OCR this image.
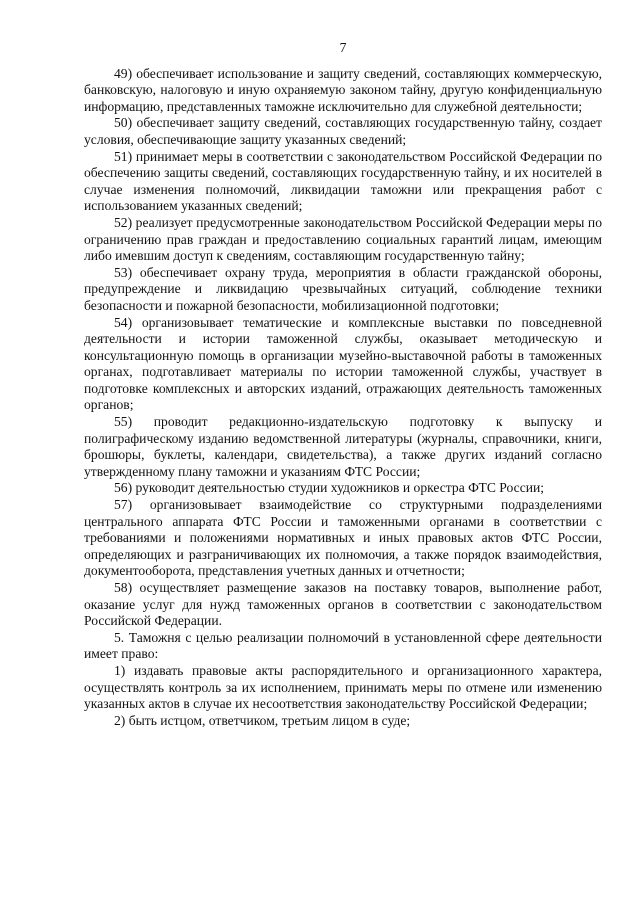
7

49) обеспечивает использование и защиту сведений, составляющих коммерческую, банковскую, налоговую и иную охраняемую законом тайну, другую конфиденциальную информацию, представленных таможне исключительно для служебной деятельности;

50) обеспечивает защиту сведений, составляющих государственную тайну, создает условия, обеспечивающие защиту указанных сведений;

51) принимает меры в соответствии с законодательством Российской Федерации по обеспечению защиты сведений, составляющих государственную тайну, и их носителей в случае изменения полномочий, ликвидации таможни или прекращения работ с использованием указанных сведений;

52) реализует предусмотренные законодательством Российской Федерации меры по ограничению прав граждан и предоставлению социальных гарантий лицам, имеющим либо имевшим доступ к сведениям, составляющим государственную тайну;

53) обеспечивает охрану труда, мероприятия в области гражданской обороны, предупреждение и ликвидацию чрезвычайных ситуаций, соблюдение техники безопасности и пожарной безопасности, мобилизационной подготовки;

54) организовывает тематические и комплексные выставки по повседневной деятельности и истории таможенной службы, оказывает методическую и консультационную помощь в организации музейно-выставочной работы в таможенных органах, подготавливает материалы по истории таможенной службы, участвует в подготовке комплексных и авторских изданий, отражающих деятельность таможенных органов;

55) проводит редакционно-издательскую подготовку к выпуску и полиграфическому изданию ведомственной литературы (журналы, справочники, книги, брошюры, буклеты, календари, свидетельства), а также других изданий согласно утвержденному плану таможни и указаниям ФТС России;

56) руководит деятельностью студии художников и оркестра ФТС России;

57) организовывает взаимодействие со структурными подразделениями центрального аппарата ФТС России и таможенными органами в соответствии с требованиями и положениями нормативных и иных правовых актов ФТС России, определяющих и разграничивающих их полномочия, а также порядок взаимодействия, документооборота, представления учетных данных и отчетности;

58) осуществляет размещение заказов на поставку товаров, выполнение работ, оказание услуг для нужд таможенных органов в соответствии с законодательством Российской Федерации.

5. Таможня с целью реализации полномочий в установленной сфере деятельности имеет право:

1) издавать правовые акты распорядительного и организационного характера, осуществлять контроль за их исполнением, принимать меры по отмене или изменению указанных актов в случае их несоответствия законодательству Российской Федерации;

2) быть истцом, ответчиком, третьим лицом в суде;
